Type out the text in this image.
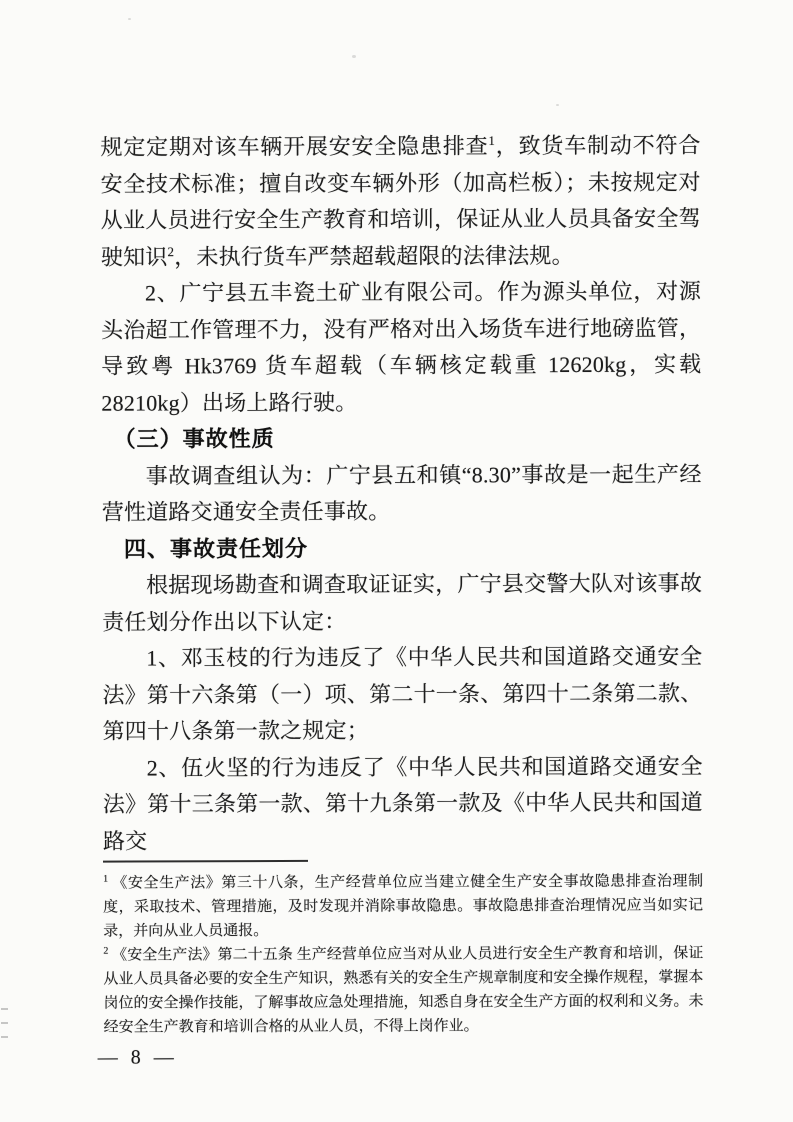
规定定期对该车辆开展安安全隐患排查$^1$，致货车制动不符合安全技术标准；擅自改变车辆外形（加高栏板）；未按规定对从业人员进行安全生产教育和培训，保证从业人员具备安全驾驶知识$^2$，未执行货车严禁超载超限的法律法规。

2、广宁县五丰瓷土矿业有限公司。作为源头单位，对源头治超工作管理不力，没有严格对出入场货车进行地磅监管，导致粤 Hk3769 货车超载（车辆核定载重 12620kg，实载 28210kg）出场上路行驶。

（三）事故性质

事故调查组认为：广宁县五和镇“8.30”事故是一起生产经营性道路交通安全责任事故。

四、事故责任划分

根据现场勘查和调查取证证实，广宁县交警大队对该事故责任划分作出以下认定：

1、邓玉枝的行为违反了《中华人民共和国道路交通安全法》第十六条第（一）项、第二十一条、第四十二条第二款、第四十八条第一款之规定；

2、伍火坚的行为违反了《中华人民共和国道路交通安全法》第十三条第一款、第十九条第一款及《中华人民共和国道路交

$^1$ 《安全生产法》第三十八条，生产经营单位应当建立健全生产安全事故隐患排查治理制度，采取技术、管理措施，及时发现并消除事故隐患。事故隐患排查治理情况应当如实记录，并向从业人员通报。

$^2$ 《安全生产法》第二十五条 生产经营单位应当对从业人员进行安全生产教育和培训，保证从业人员具备必要的安全生产知识，熟悉有关的安全生产规章制度和安全操作规程，掌握本岗位的安全操作技能，了解事故应急处理措施，知悉自身在安全生产方面的权利和义务。未经安全生产教育和培训合格的从业人员，不得上岗作业。

— 8 —
